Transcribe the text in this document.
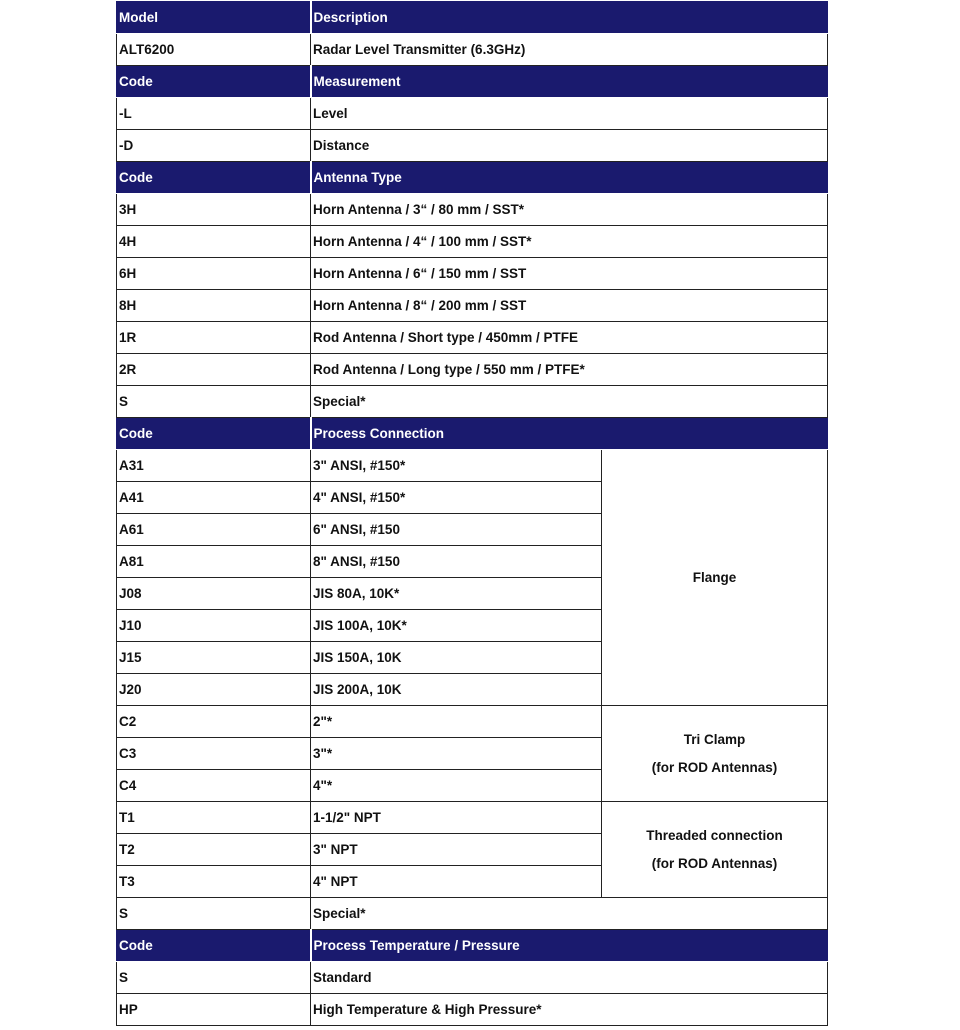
Model	Description	
ALT6200	Radar Level Transmitter (6.3GHz)	
Code	Measurement	
-L	Level	
-D	Distance	
Code	Antenna Type	
3H	Horn Antenna / 3“ / 80 mm / SST*	
4H	Horn Antenna / 4“ / 100 mm / SST*	
6H	Horn Antenna / 6“ / 150 mm / SST	
8H	Horn Antenna / 8“ / 200 mm / SST	
1R	Rod Antenna / Short type / 450mm / PTFE	
2R	Rod Antenna / Long type / 550 mm / PTFE*	
S	Special*	
Code	Process Connection	
A31	3" ANSI, #150*	Flange
A41	4" ANSI, #150*	
A61	6" ANSI, #150	
A81	8" ANSI, #150	
J08	JIS 80A, 10K*	
J10	JIS 100A, 10K*	
J15	JIS 150A, 10K	
J20	JIS 200A, 10K	
C2	2"*	Tri Clamp
(for ROD Antennas)

C3	3"*	
C4	4"*	
T1	1-1/2" NPT	Threaded connection
(for ROD Antennas)

T2	3" NPT	
T3	4" NPT	
S	Special*	
Code	Process Temperature / Pressure	
S	Standard	
HP	High Temperature & High Pressure*	
